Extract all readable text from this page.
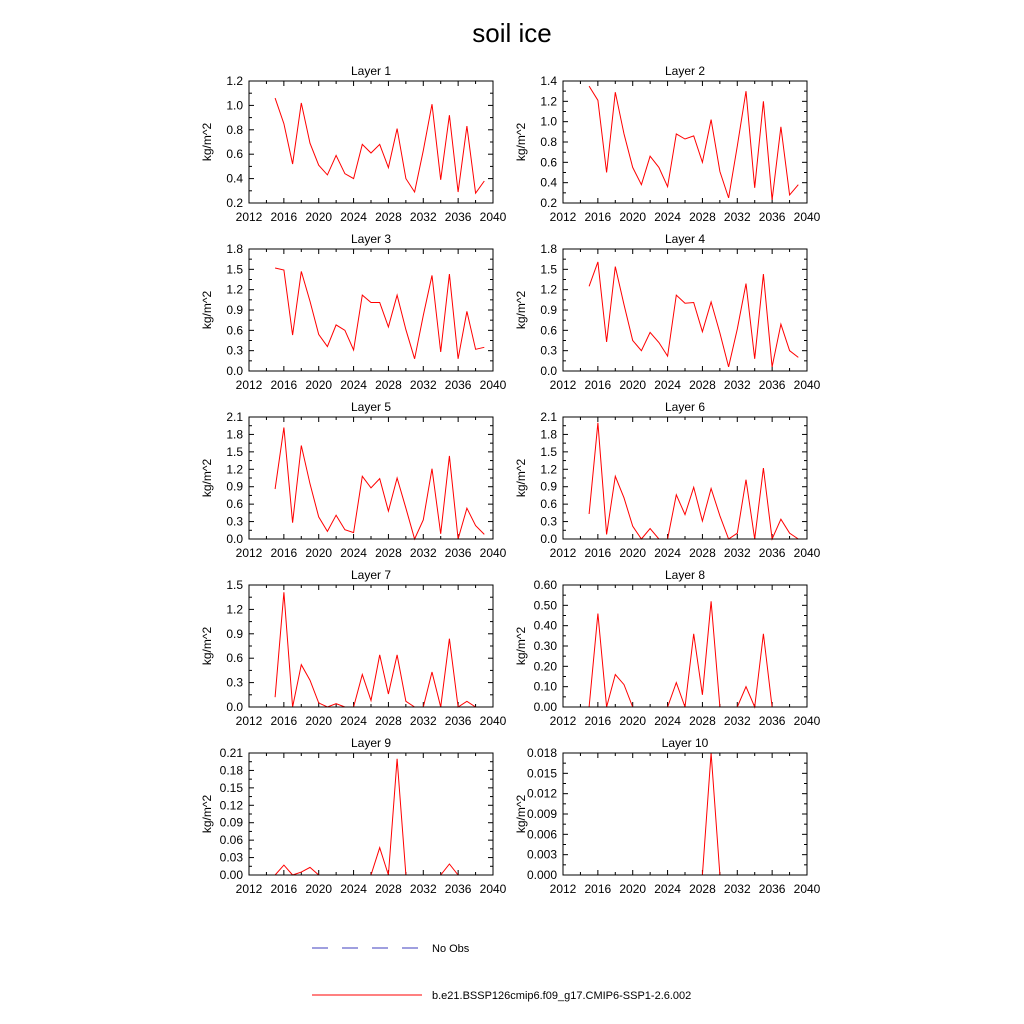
soil ice
Layer 1
kg/m^2
2012 2016 2020 2024 2028 2032 2036 2040
0.2
0.4
0.6
0.8
1.0
1.2
Layer 2
kg/m^2
2012 2016 2020 2024 2028 2032 2036 2040
0.2
0.4
0.6
0.8
1.0
1.2
1.4
Layer 3
kg/m^2
2012 2016 2020 2024 2028 2032 2036 2040
0.0
0.3
0.6
0.9
1.2
1.5
1.8
Layer 4
kg/m^2
2012 2016 2020 2024 2028 2032 2036 2040
0.0
0.3
0.6
0.9
1.2
1.5
1.8
Layer 5
kg/m^2
2012 2016 2020 2024 2028 2032 2036 2040
0.0
0.3
0.6
0.9
1.2
1.5
1.8
2.1
Layer 6
kg/m^2
2012 2016 2020 2024 2028 2032 2036 2040
0.0
0.3
0.6
0.9
1.2
1.5
1.8
2.1
Layer 7
kg/m^2
2012 2016 2020 2024 2028 2032 2036 2040
0.0
0.3
0.6
0.9
1.2
1.5
Layer 8
kg/m^2
2012 2016 2020 2024 2028 2032 2036 2040
0.00
0.10
0.20
0.30
0.40
0.50
0.60
Layer 9
kg/m^2
2012 2016 2020 2024 2028 2032 2036 2040
0.00
0.03
0.06
0.09
0.12
0.15
0.18
0.21
Layer 10
kg/m^2
2012 2016 2020 2024 2028 2032 2036 2040
0.000
0.003
0.006
0.009
0.012
0.015
0.018
No Obs
b.e21.BSSP126cmip6.f09_g17.CMIP6-SSP1-2.6.002
